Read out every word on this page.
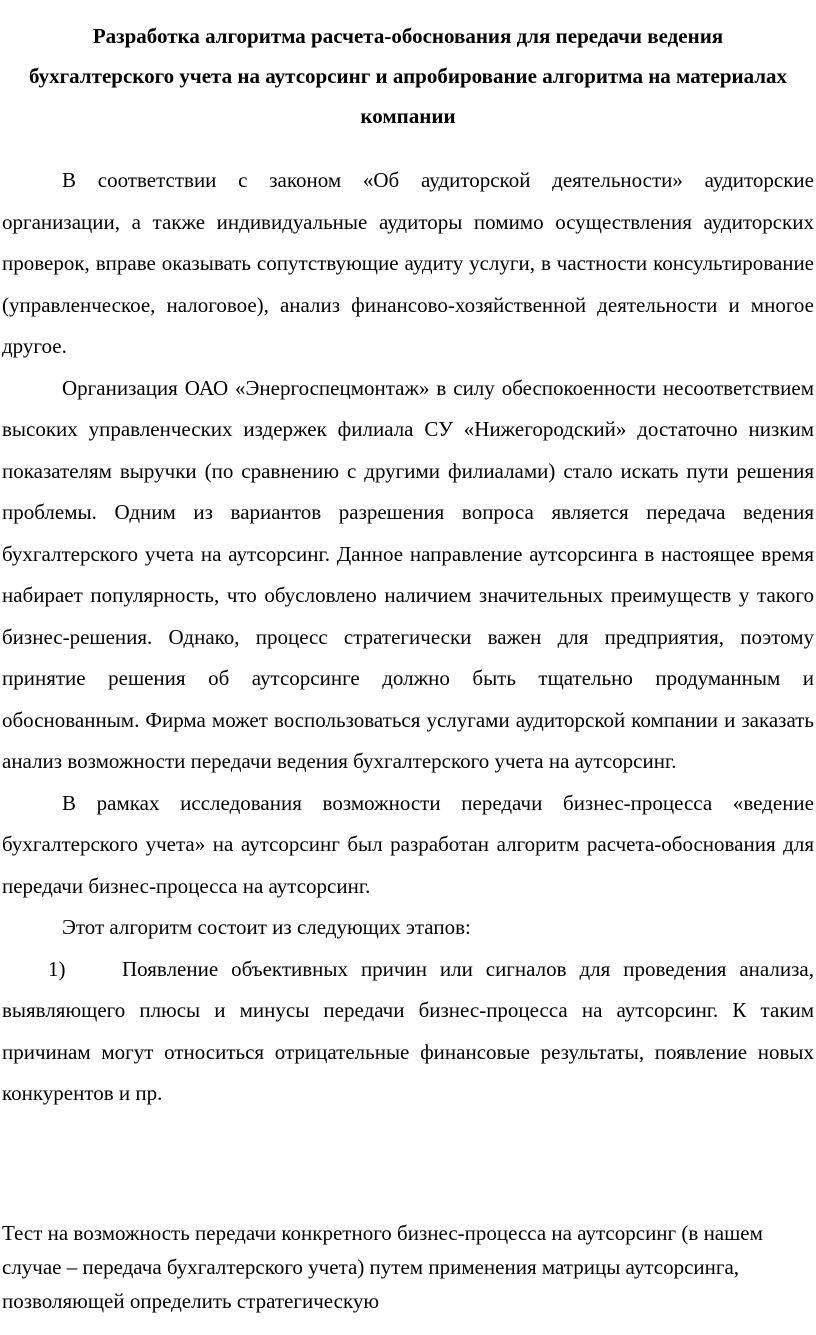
Разработка алгоритма расчета-обоснования для передачи ведения бухгалтерского учета на аутсорсинг и апробирование алгоритма на материалах компании

В соответствии с законом «Об аудиторской деятельности» аудиторские организации, а также индивидуальные аудиторы помимо осуществления аудиторских проверок, вправе оказывать сопутствующие аудиту услуги, в частности консультирование (управленческое, налоговое), анализ финансово-хозяйственной деятельности и многое другое.

Организация ОАО «Энергоспецмонтаж» в силу обеспокоенности несоответствием высоких управленческих издержек филиала СУ «Нижегородский» достаточно низким показателям выручки (по сравнению с другими филиалами) стало искать пути решения проблемы. Одним из вариантов разрешения вопроса является передача ведения бухгалтерского учета на аутсорсинг. Данное направление аутсорсинга в настоящее время набирает популярность, что обусловлено наличием значительных преимуществ у такого бизнес-решения. Однако, процесс стратегически важен для предприятия, поэтому принятие решения об аутсорсинге должно быть тщательно продуманным и обоснованным. Фирма может воспользоваться услугами аудиторской компании и заказать анализ возможности передачи ведения бухгалтерского учета на аутсорсинг.

В рамках исследования возможности передачи бизнес-процесса «ведение бухгалтерского учета» на аутсорсинг был разработан алгоритм расчета-обоснования для передачи бизнес-процесса на аутсорсинг.

Этот алгоритм состоит из следующих этапов:

1)	Появление объективных причин или сигналов для проведения анализа, выявляющего плюсы и минусы передачи бизнес-процесса на аутсорсинг. К таким причинам могут относиться отрицательные финансовые результаты, появление новых конкурентов и пр.

Тест на возможность передачи конкретного бизнес-процесса на аутсорсинг (в нашем случае – передача бухгалтерского учета) путем применения матрицы аутсорсинга, позволяющей определить стратегическую
